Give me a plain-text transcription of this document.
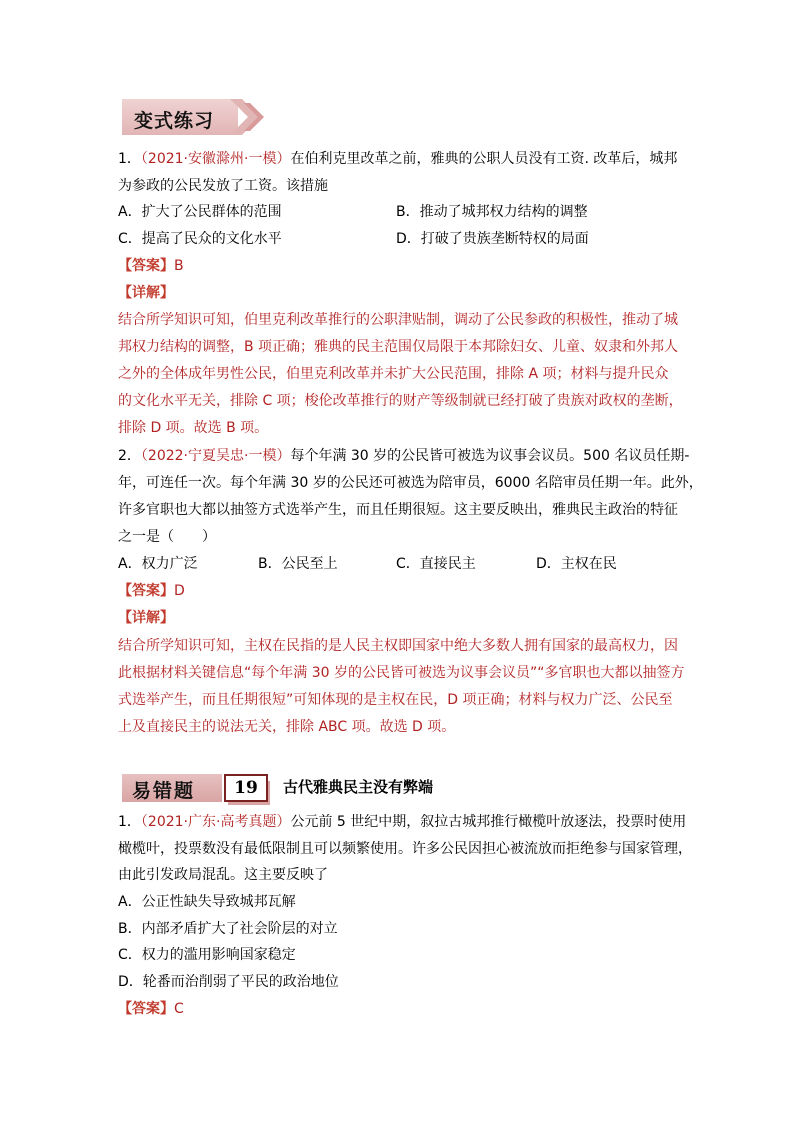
变式练习
1．（2021·安徽滁州·一模）在伯利克里改革之前，雅典的公职人员没有工资. 改革后，城邦
为参政的公民发放了工资。该措施
A．扩大了公民群体的范围	B．推动了城邦权力结构的调整
C．提高了民众的文化水平	D．打破了贵族垄断特权的局面
【答案】B
【详解】
结合所学知识可知，伯里克利改革推行的公职津贴制，调动了公民参政的积极性，推动了城
邦权力结构的调整，B 项正确；雅典的民主范围仅局限于本邦除妇女、儿童、奴隶和外邦人
之外的全体成年男性公民，伯里克利改革并未扩大公民范围，排除 A 项；材料与提升民众
的文化水平无关，排除 C 项；梭伦改革推行的财产等级制就已经打破了贵族对政权的垄断，
排除 D 项。故选 B 项。
2．（2022·宁夏吴忠·一模）每个年满 30 岁的公民皆可被选为议事会议员。500 名议员任期-
年，可连任一次。每个年满 30 岁的公民还可被选为陪审员，6000 名陪审员任期一年。此外，
许多官职也大都以抽签方式选举产生，而且任期很短。这主要反映出，雅典民主政治的特征
之一是（　　）
A．权力广泛	B．公民至上	C．直接民主	D．主权在民
【答案】D
【详解】
结合所学知识可知，主权在民指的是人民主权即国家中绝大多数人拥有国家的最高权力，因
此根据材料关键信息“每个年满 30 岁的公民皆可被选为议事会议员”“多官职也大都以抽签方
式选举产生，而且任期很短”可知体现的是主权在民，D 项正确；材料与权力广泛、公民至
上及直接民主的说法无关，排除 ABC 项。故选 D 项。
易错题	19	古代雅典民主没有弊端
1．（2021·广东·高考真题）公元前 5 世纪中期，叙拉古城邦推行橄榄叶放逐法，投票时使用
橄榄叶，投票数没有最低限制且可以频繁使用。许多公民因担心被流放而拒绝参与国家管理，
由此引发政局混乱。这主要反映了
A．公正性缺失导致城邦瓦解
B．内部矛盾扩大了社会阶层的对立
C．权力的滥用影响国家稳定
D．轮番而治削弱了平民的政治地位
【答案】C
